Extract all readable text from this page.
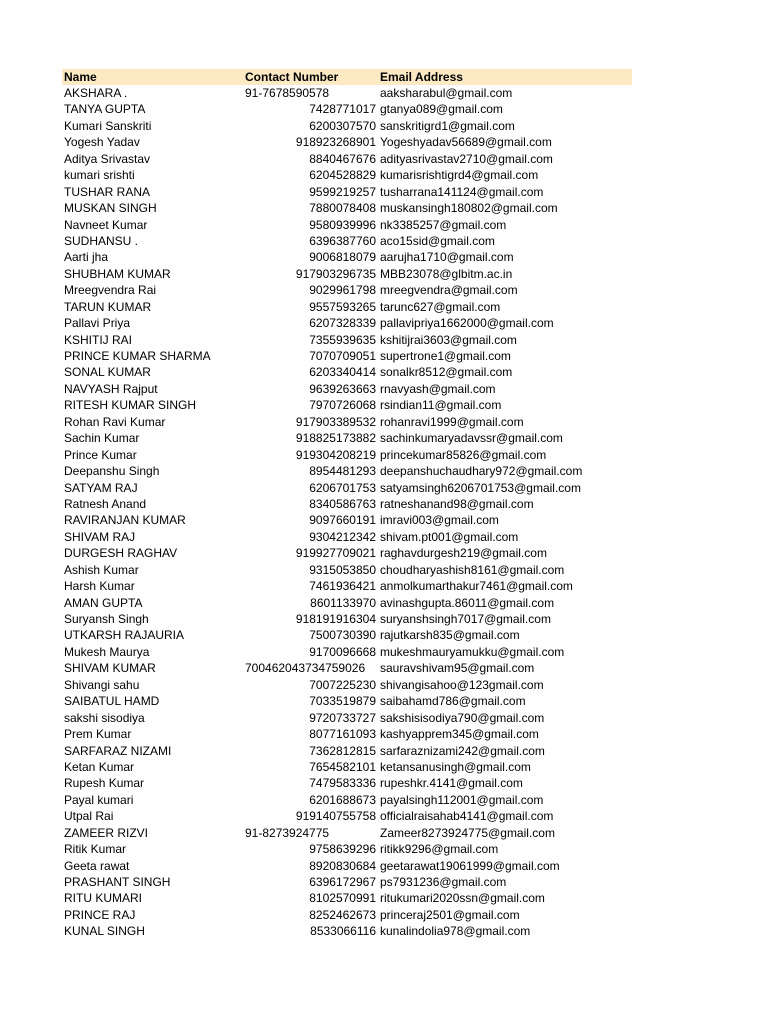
Name	Contact Number	Email Address
AKSHARA .	91-7678590578	aaksharabul@gmail.com
TANYA GUPTA	7428771017 gtanya089@gmail.com
Kumari Sanskriti	6200307570 sanskritigrd1@gmail.com
Yogesh Yadav	918923268901 Yogeshyadav56689@gmail.com
Aditya Srivastav	8840467676 adityasrivastav2710@gmail.com
kumari srishti	6204528829 kumarisrishtigrd4@gmail.com
TUSHAR RANA	9599219257 tusharrana141124@gmail.com
MUSKAN SINGH	7880078408 muskansingh180802@gmail.com
Navneet Kumar	9580939996 nk3385257@gmail.com
SUDHANSU .	6396387760 aco15sid@gmail.com
Aarti jha	9006818079 aarujha1710@gmail.com
SHUBHAM KUMAR	917903296735 MBB23078@glbitm.ac.in
Mreegvendra Rai	9029961798 mreegvendra@gmail.com
TARUN KUMAR	9557593265 tarunc627@gmail.com
Pallavi Priya	6207328339 pallavipriya1662000@gmail.com
KSHITIJ RAI	7355939635 kshitijrai3603@gmail.com
PRINCE KUMAR SHARMA	7070709051 supertrone1@gmail.com
SONAL KUMAR	6203340414 sonalkr8512@gmail.com
NAVYASH Rajput	9639263663 rnavyash@gmail.com
RITESH KUMAR SINGH	7970726068 rsindian11@gmail.com
Rohan Ravi Kumar	917903389532 rohanravi1999@gmail.com
Sachin Kumar	918825173882 sachinkumaryadavssr@gmail.com
Prince Kumar	919304208219 princekumar85826@gmail.com
Deepanshu Singh	8954481293 deepanshuchaudhary972@gmail.com
SATYAM RAJ	6206701753 satyamsingh6206701753@gmail.com
Ratnesh Anand	8340586763 ratneshanand98@gmail.com
RAVIRANJAN KUMAR	9097660191 imravi003@gmail.com
SHIVAM RAJ	9304212342 shivam.pt001@gmail.com
DURGESH RAGHAV	919927709021 raghavdurgesh219@gmail.com
Ashish Kumar	9315053850 choudharyashish8161@gmail.com
Harsh Kumar	7461936421 anmolkumarthakur7461@gmail.com
AMAN GUPTA	8601133970 avinashgupta.86011@gmail.com
Suryansh Singh	918191916304 suryanshsingh7017@gmail.com
UTKARSH RAJAURIA	7500730390 rajutkarsh835@gmail.com
Mukesh Maurya	9170096668 mukeshmauryamukku@gmail.com
SHIVAM KUMAR	700462043734759026	sauravshivam95@gmail.com
Shivangi sahu	7007225230 shivangisahoo@123gmail.com
SAIBATUL HAMD	7033519879 saibahamd786@gmail.com
sakshi sisodiya	9720733727 sakshisisodiya790@gmail.com
Prem Kumar	8077161093 kashyapprem345@gmail.com
SARFARAZ NIZAMI	7362812815 sarfaraznizami242@gmail.com
Ketan Kumar	7654582101 ketansanusingh@gmail.com
Rupesh Kumar	7479583336 rupeshkr.4141@gmail.com
Payal kumari	6201688673 payalsingh112001@gmail.com
Utpal Rai	919140755758 officialraisahab4141@gmail.com
ZAMEER RIZVI	91-8273924775	Zameer8273924775@gmail.com
Ritik Kumar	9758639296 ritikk9296@gmail.com
Geeta rawat	8920830684 geetarawat19061999@gmail.com
PRASHANT SINGH	6396172967 ps7931236@gmail.com
RITU KUMARI	8102570991 ritukumari2020ssn@gmail.com
PRINCE RAJ	8252462673 princeraj2501@gmail.com
KUNAL SINGH	8533066116 kunalindolia978@gmail.com
